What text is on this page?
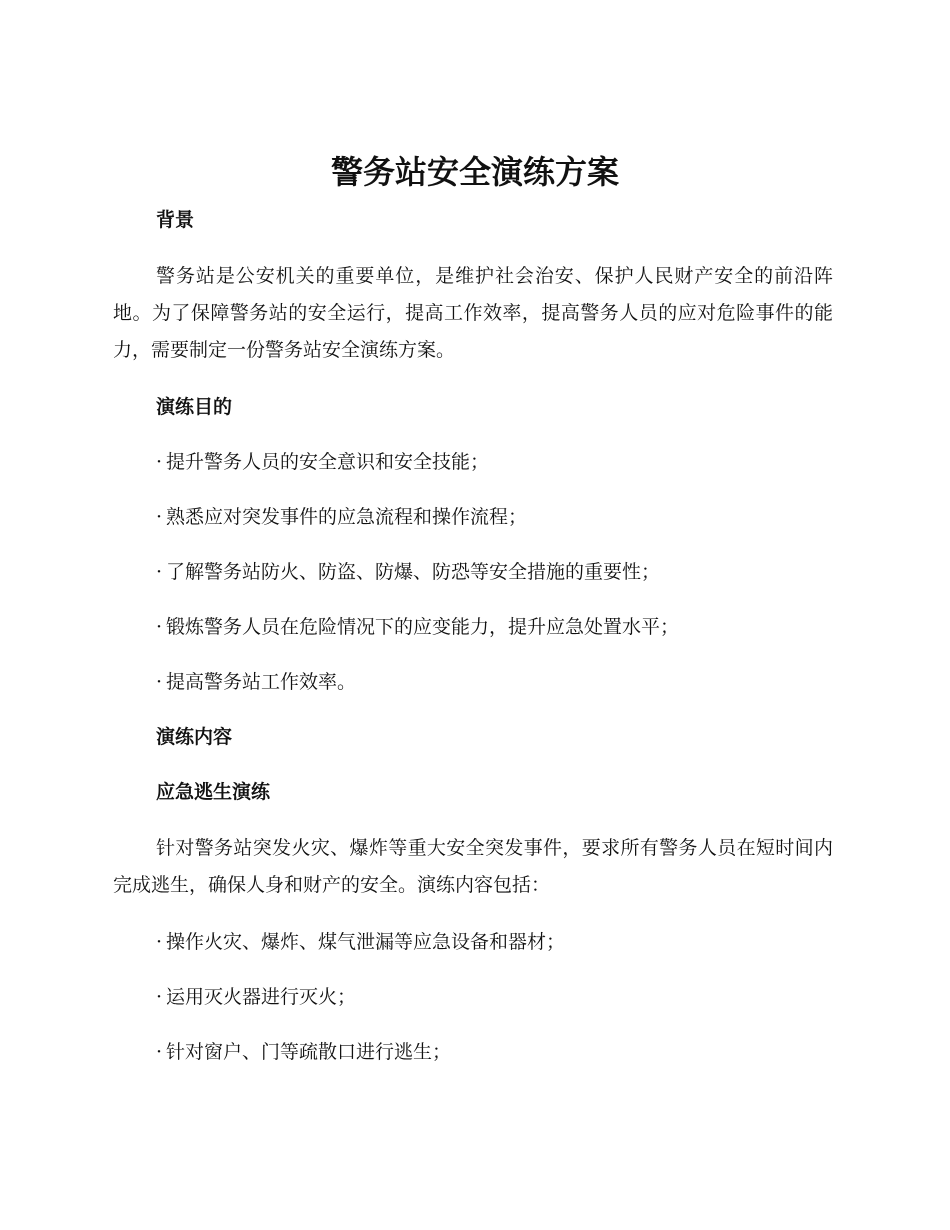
警务站安全演练方案
背景

警务站是公安机关的重要单位，是维护社会治安、保护人民财产安全的前沿阵地。为了保障警务站的安全运行，提高工作效率，提高警务人员的应对危险事件的能力，需要制定一份警务站安全演练方案。

演练目的
· 提升警务人员的安全意识和安全技能；
· 熟悉应对突发事件的应急流程和操作流程；
· 了解警务站防火、防盗、防爆、防恐等安全措施的重要性；
· 锻炼警务人员在危险情况下的应变能力，提升应急处置水平；
· 提高警务站工作效率。
演练内容
应急逃生演练

针对警务站突发火灾、爆炸等重大安全突发事件，要求所有警务人员在短时间内完成逃生，确保人身和财产的安全。演练内容包括：

· 操作火灾、爆炸、煤气泄漏等应急设备和器材；
· 运用灭火器进行灭火；
· 针对窗户、门等疏散口进行逃生；
